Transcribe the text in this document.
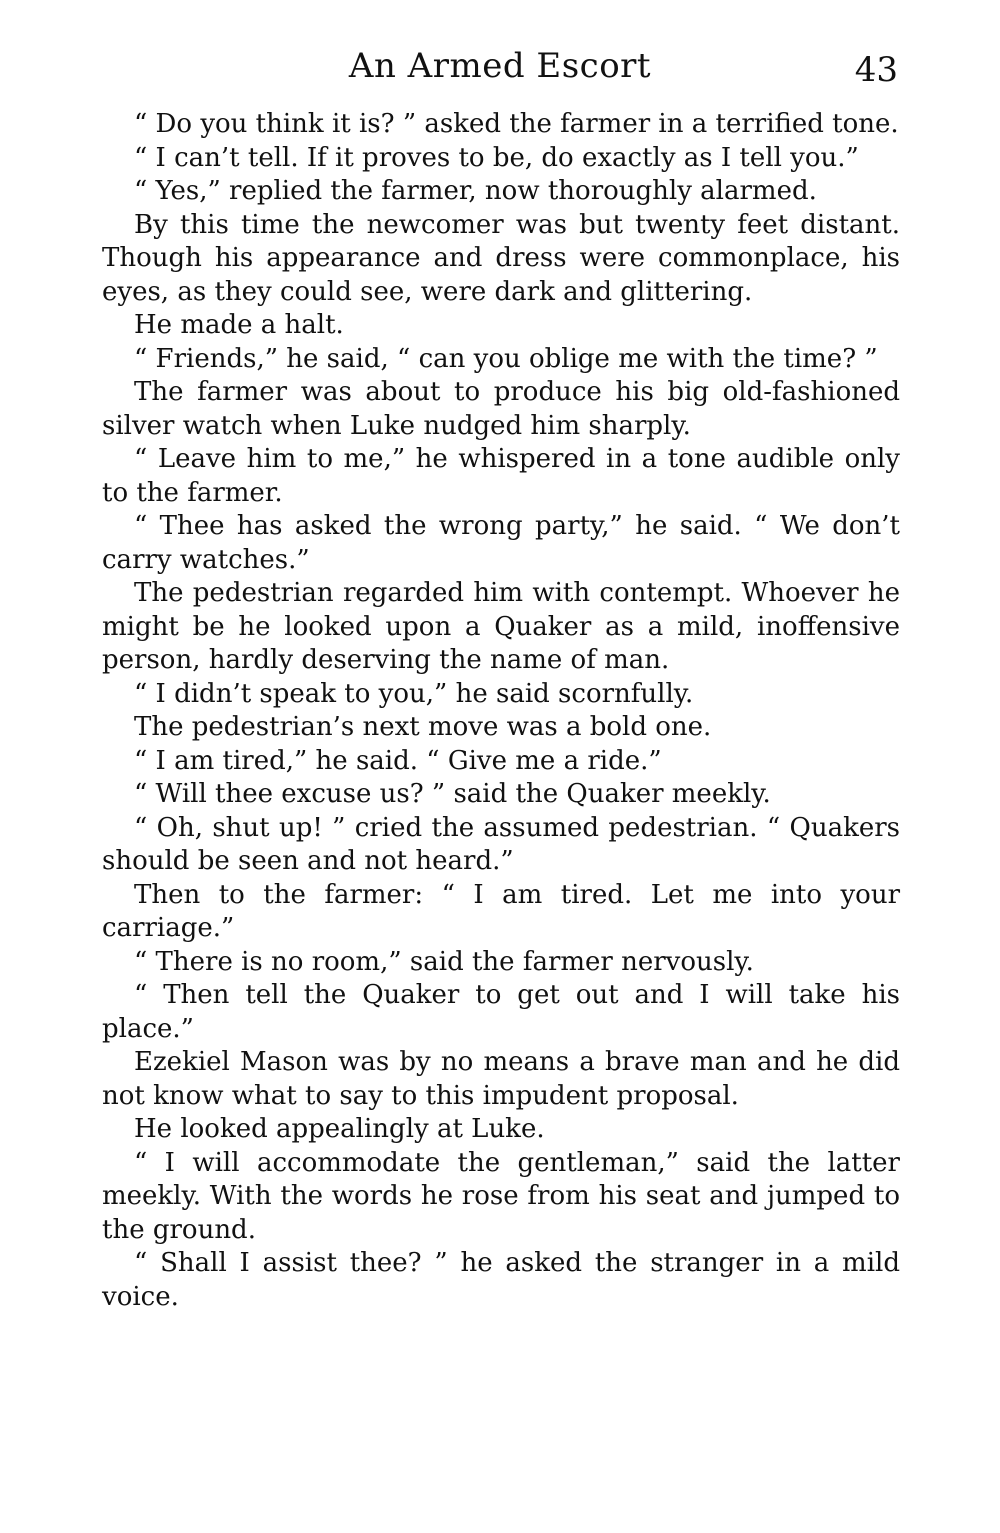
An Armed Escort	43

“ Do you think it is? ” asked the farmer in a terrified tone.

“ I can’t tell. If it proves to be, do exactly as I tell you.”

“ Yes,” replied the farmer, now thoroughly alarmed.

By this time the newcomer was but twenty feet distant. Though his appearance and dress were commonplace, his eyes, as they could see, were dark and glittering.

He made a halt.

“ Friends,” he said, “ can you oblige me with the time? ”

The farmer was about to produce his big old-fashioned silver watch when Luke nudged him sharply.

“ Leave him to me,” he whispered in a tone audible only to the farmer.

“ Thee has asked the wrong party,” he said. “ We don’t carry watches.”

The pedestrian regarded him with contempt. Whoever he might be he looked upon a Quaker as a mild, inoffensive person, hardly deserving the name of man.

“ I didn’t speak to you,” he said scornfully.

The pedestrian’s next move was a bold one.

“ I am tired,” he said. “ Give me a ride.”

“ Will thee excuse us? ” said the Quaker meekly.

“ Oh, shut up! ” cried the assumed pedestrian. “ Quakers should be seen and not heard.”

Then to the farmer: “ I am tired. Let me into your carriage.”

“ There is no room,” said the farmer nervously.

“ Then tell the Quaker to get out and I will take his place.”

Ezekiel Mason was by no means a brave man and he did not know what to say to this impudent proposal.

He looked appealingly at Luke.

“ I will accommodate the gentleman,” said the latter meekly. With the words he rose from his seat and jumped to the ground.

“ Shall I assist thee? ” he asked the stranger in a mild voice.
